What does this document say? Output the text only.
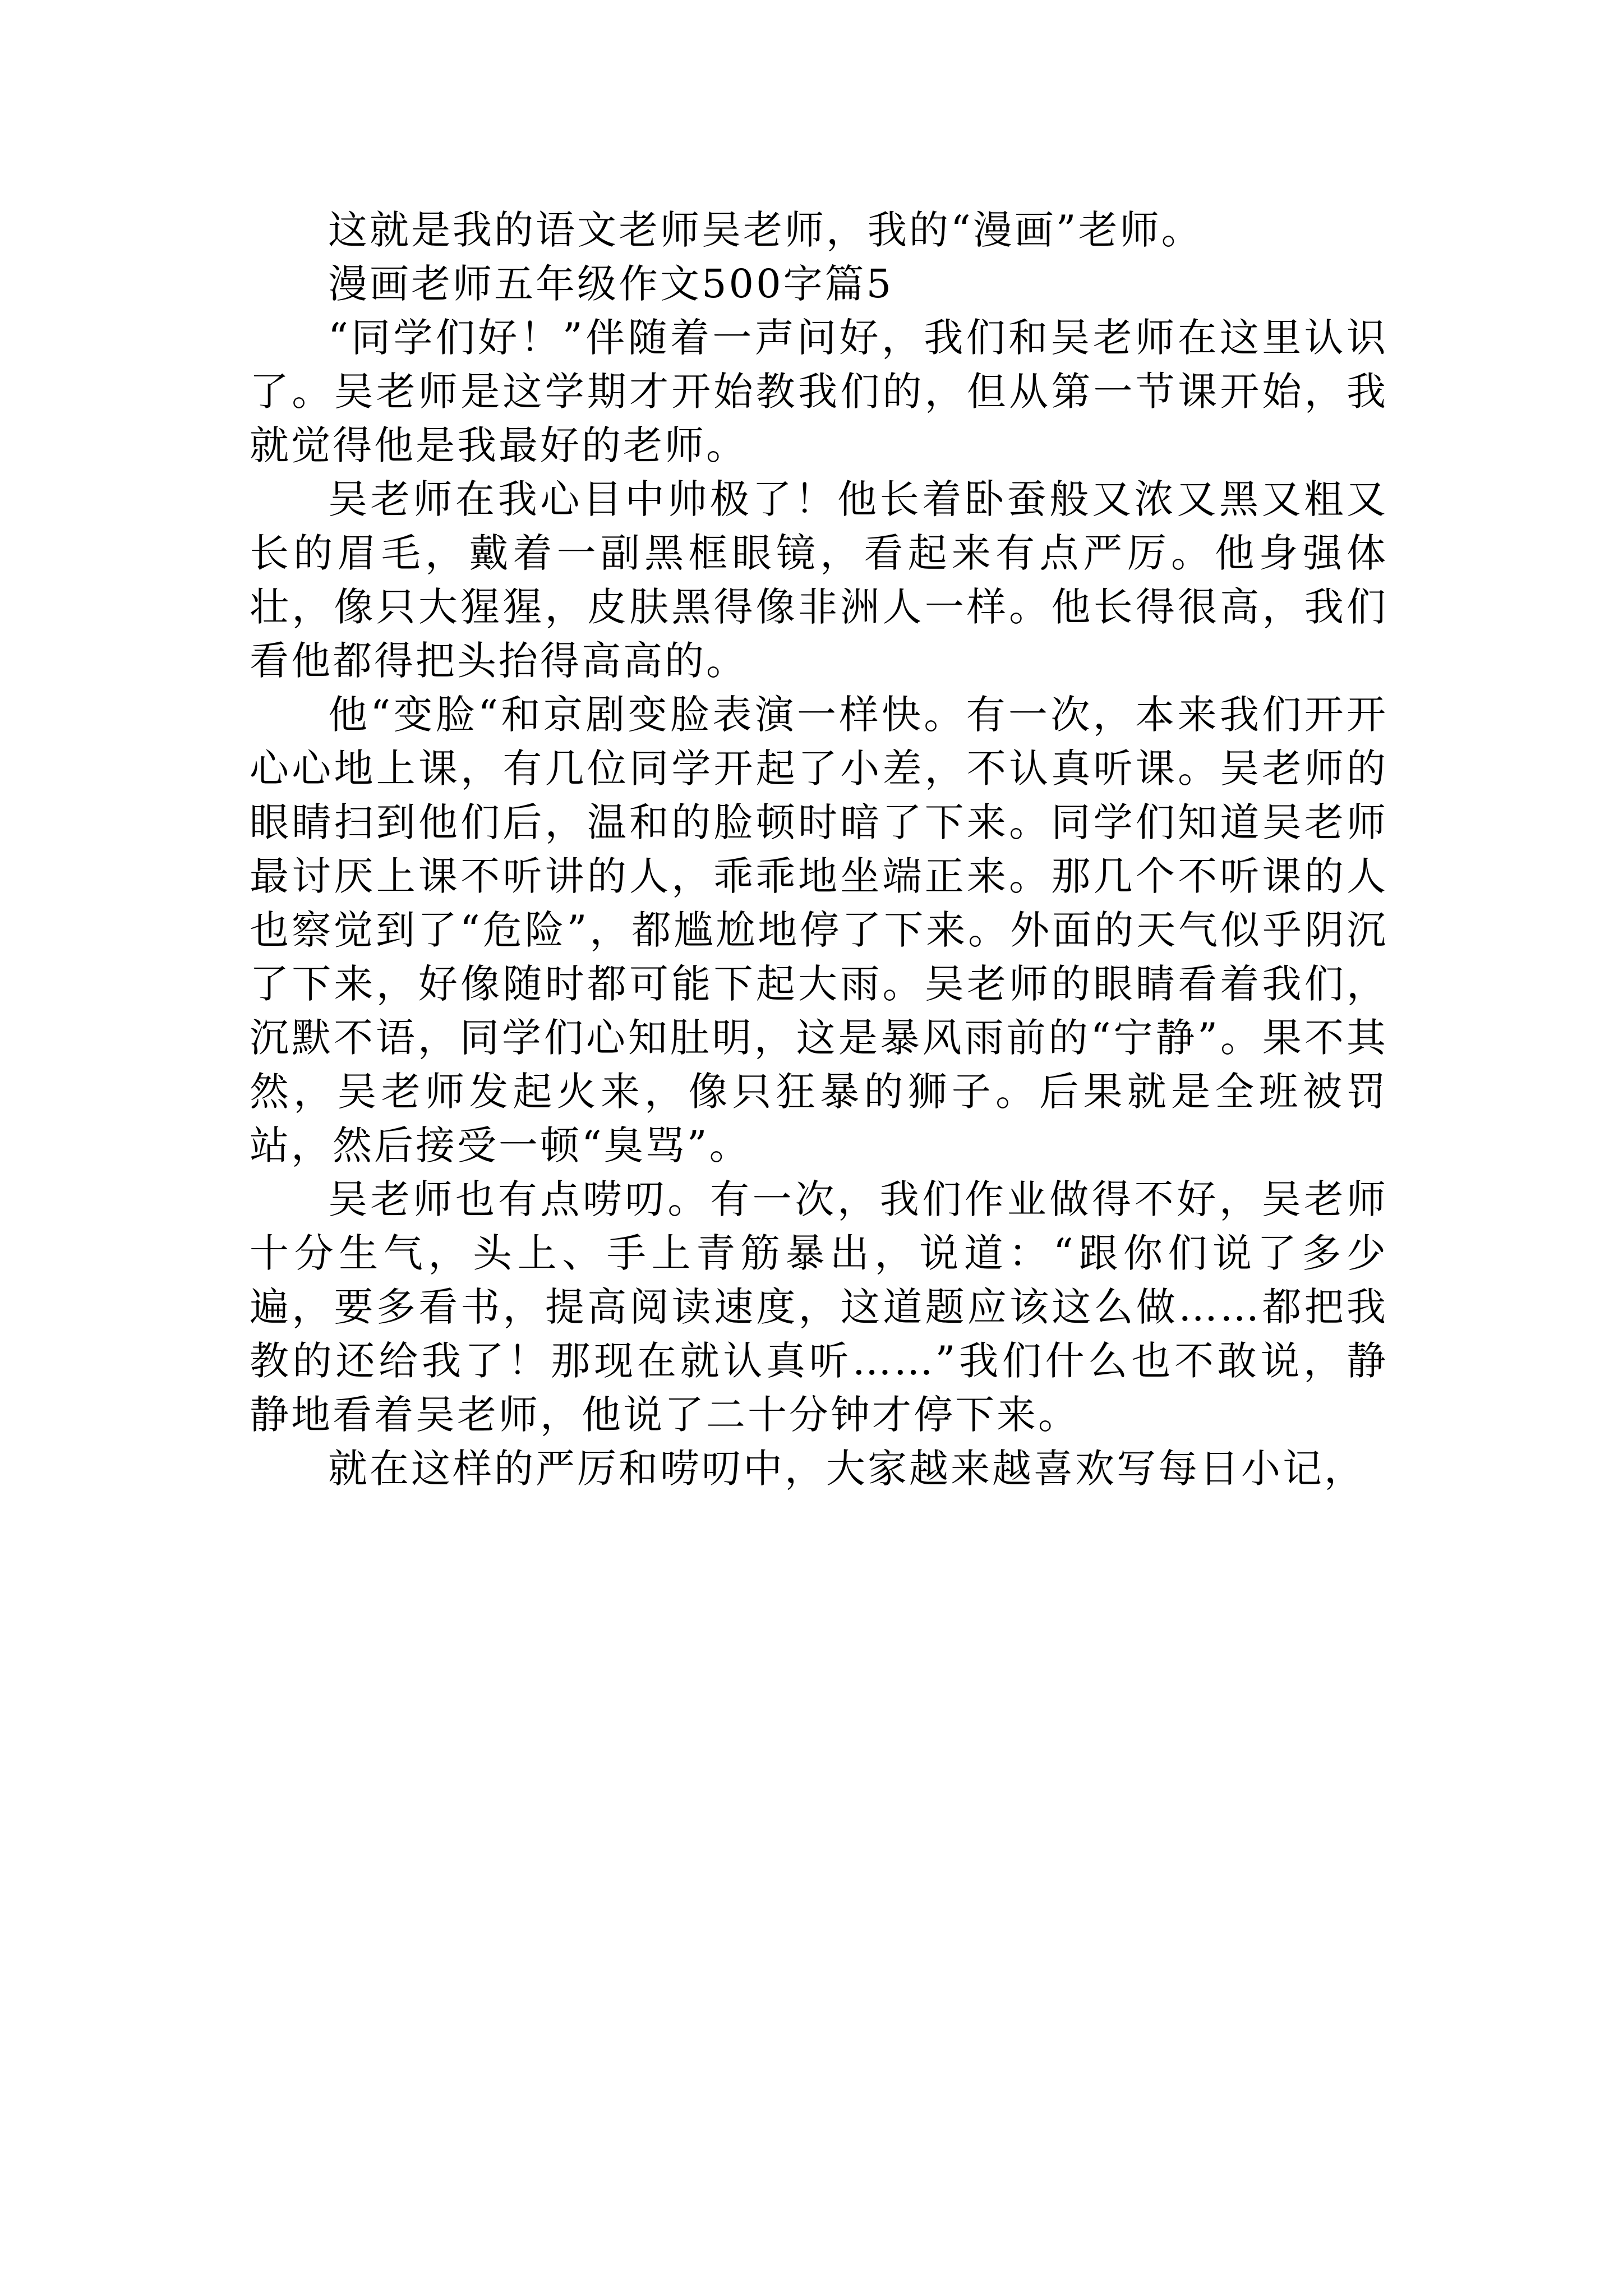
这就是我的语文老师吴老师，我的“漫画”老师。

漫画老师五年级作文500字篇5

“同学们好！”伴随着一声问好，我们和吴老师在这里认识了。吴老师是这学期才开始教我们的，但从第一节课开始，我就觉得他是我最好的老师。

吴老师在我心目中帅极了！他长着卧蚕般又浓又黑又粗又长的眉毛，戴着一副黑框眼镜，看起来有点严厉。他身强体壮，像只大猩猩，皮肤黑得像非洲人一样。他长得很高，我们看他都得把头抬得高高的。

他“变脸“和京剧变脸表演一样快。有一次，本来我们开开心心地上课，有几位同学开起了小差，不认真听课。吴老师的眼睛扫到他们后，温和的脸顿时暗了下来。同学们知道吴老师最讨厌上课不听讲的人，乖乖地坐端正来。那几个不听课的人也察觉到了“危险”，都尴尬地停了下来。外面的天气似乎阴沉了下来，好像随时都可能下起大雨。吴老师的眼睛看着我们，沉默不语，同学们心知肚明，这是暴风雨前的“宁静”。果不其然，吴老师发起火来，像只狂暴的狮子。后果就是全班被罚站，然后接受一顿“臭骂”。

吴老师也有点唠叨。有一次，我们作业做得不好，吴老师十分生气，头上、手上青筋暴出，说道：“跟你们说了多少遍，要多看书，提高阅读速度，这道题应该这么做……都把我教的还给我了！那现在就认真听……”我们什么也不敢说，静静地看着吴老师，他说了二十分钟才停下来。

就在这样的严厉和唠叨中，大家越来越喜欢写每日小记，
